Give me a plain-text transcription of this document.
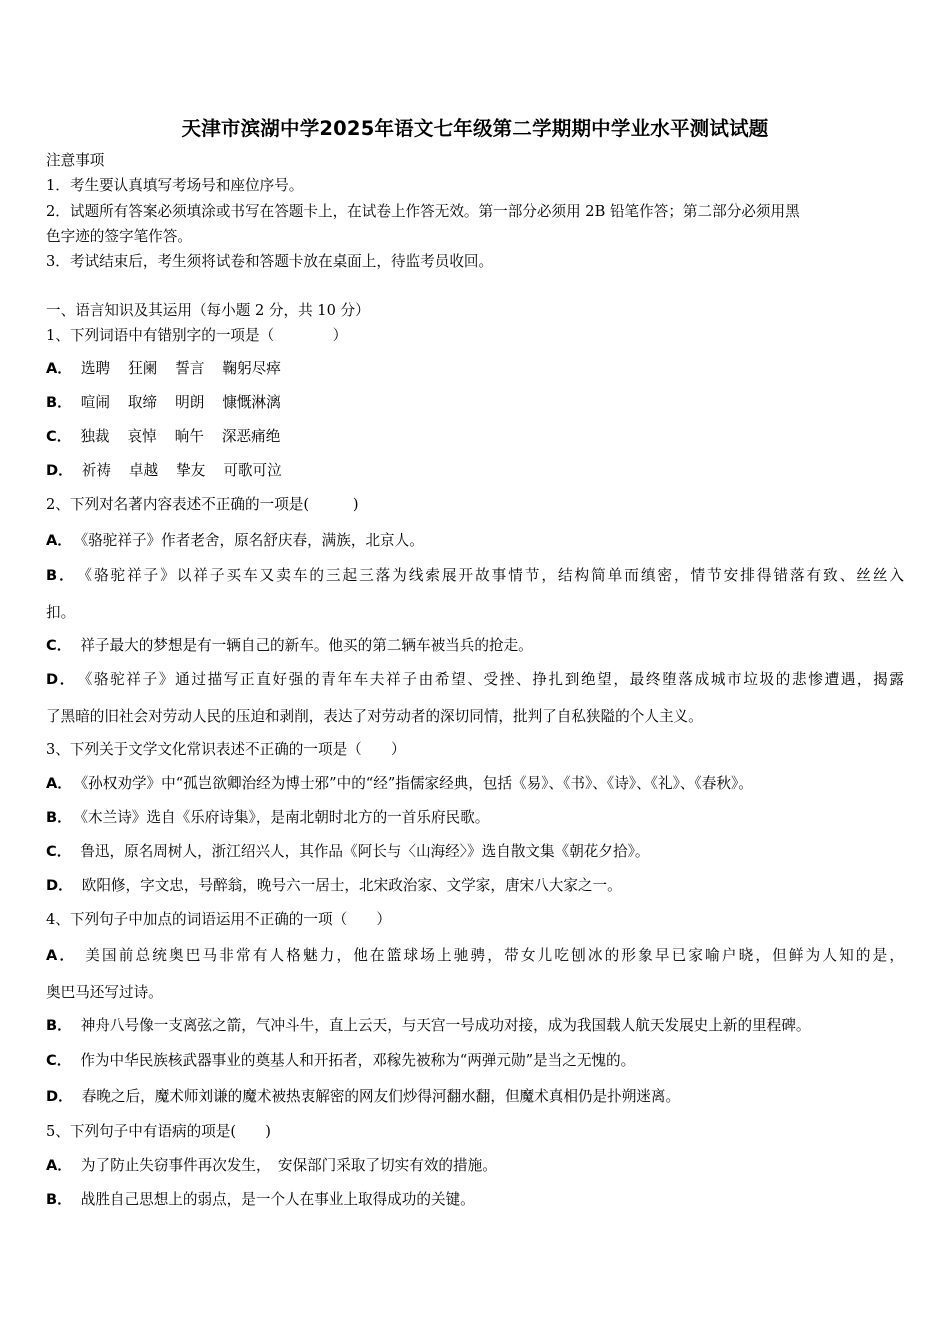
天津市滨湖中学2025年语文七年级第二学期期中学业水平测试试题
注意事项
1．考生要认真填写考场号和座位序号。
2．试题所有答案必须填涂或书写在答题卡上，在试卷上作答无效。第一部分必须用 2B 铅笔作答；第二部分必须用黑
色字迹的签字笔作答。
3．考试结束后，考生须将试卷和答题卡放在桌面上，待监考员收回。
一、语言知识及其运用（每小题 2 分，共 10 分）
1、下列词语中有错别字的一项是（　　　　）
A． 选聘 狂阑 誓言 鞠躬尽瘁
B． 喧闹 取缔 明朗 慷慨淋漓
C． 独裁 哀悼 晌午 深恶痛绝
D． 祈祷 卓越 挚友 可歌可泣
2、下列对名著内容表述不正确的一项是(　　　)
A． 《骆驼祥子》作者老舍，原名舒庆春，满族，北京人。
B． 《骆驼祥子》以祥子买车又卖车的三起三落为线索展开故事情节，结构简单而缜密，情节安排得错落有致、丝丝入
扣。
C． 祥子最大的梦想是有一辆自己的新车。他买的第二辆车被当兵的抢走。
D． 《骆驼祥子》通过描写正直好强的青年车夫祥子由希望、受挫、挣扎到绝望，最终堕落成城市垃圾的悲惨遭遇，揭露
了黑暗的旧社会对劳动人民的压迫和剥削，表达了对劳动者的深切同情，批判了自私狭隘的个人主义。
3、下列关于文学文化常识表述不正确的一项是（　　）
A． 《孙权劝学》中“孤岂欲卿治经为博士邪”中的“经”指儒家经典，包括《易》、《书》、《诗》、《礼》、《春秋》。
B． 《木兰诗》选自《乐府诗集》，是南北朝时北方的一首乐府民歌。
C． 鲁迅，原名周树人，浙江绍兴人，其作品《阿长与〈山海经〉》选自散文集《朝花夕拾》。
D． 欧阳修，字文忠，号醉翁，晚号六一居士，北宋政治家、文学家，唐宋八大家之一。
4、下列句子中加点的词语运用不正确的一项（　　）
A． 美国前总统奥巴马非常有人格魅力，他在篮球场上驰骋，带女儿吃刨冰的形象早已家喻户晓，但鲜为人知的是，
奥巴马还写过诗。
B． 神舟八号像一支离弦之箭，气冲斗牛，直上云天，与天宫一号成功对接，成为我国载人航天发展史上新的里程碑。
C． 作为中华民族核武器事业的奠基人和开拓者，邓稼先被称为“两弹元勋”是当之无愧的。
D． 春晚之后，魔术师刘谦的魔术被热衷解密的网友们炒得河翻水翻，但魔术真相仍是扑朔迷离。
5、下列句子中有语病的项是(　　)
A． 为了防止失窃事件再次发生，　安保部门采取了切实有效的措施。
B． 战胜自己思想上的弱点，是一个人在事业上取得成功的关键。
